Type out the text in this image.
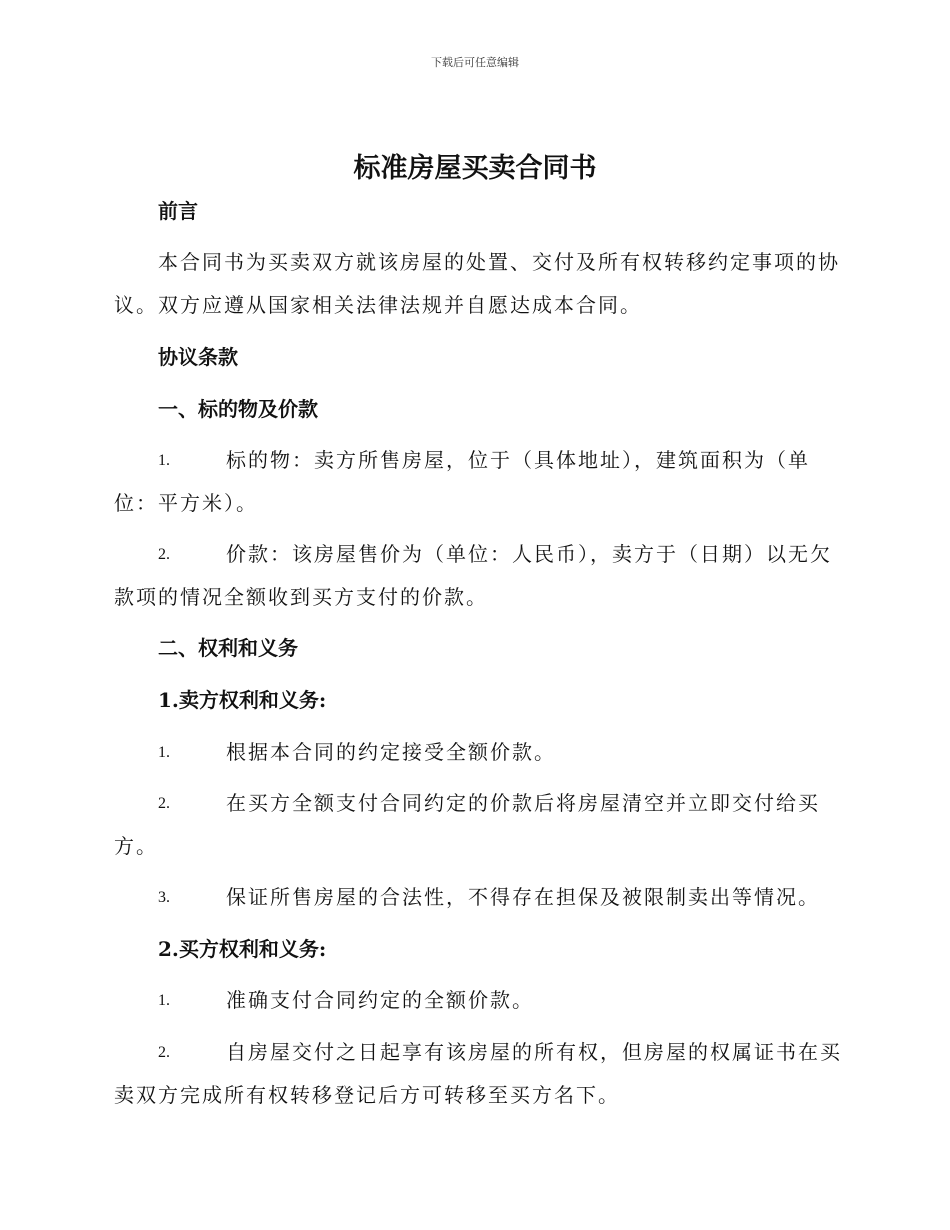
下载后可任意编辑
标准房屋买卖合同书
前言
本合同书为买卖双方就该房屋的处置、交付及所有权转移约定事项的协
议。双方应遵从国家相关法律法规并自愿达成本合同。
协议条款
一、标的物及价款
1.	标的物：卖方所售房屋，位于（具体地址），建筑面积为（单
位：平方米）。
2.	价款：该房屋售价为（单位：人民币），卖方于（日期）以无欠
款项的情况全额收到买方支付的价款。
二、权利和义务
1.卖方权利和义务:
1.	根据本合同的约定接受全额价款。
2.	在买方全额支付合同约定的价款后将房屋清空并立即交付给买
方。
3.	保证所售房屋的合法性，不得存在担保及被限制卖出等情况。
2.买方权利和义务:
1.	准确支付合同约定的全额价款。
2.	自房屋交付之日起享有该房屋的所有权，但房屋的权属证书在买
卖双方完成所有权转移登记后方可转移至买方名下。
